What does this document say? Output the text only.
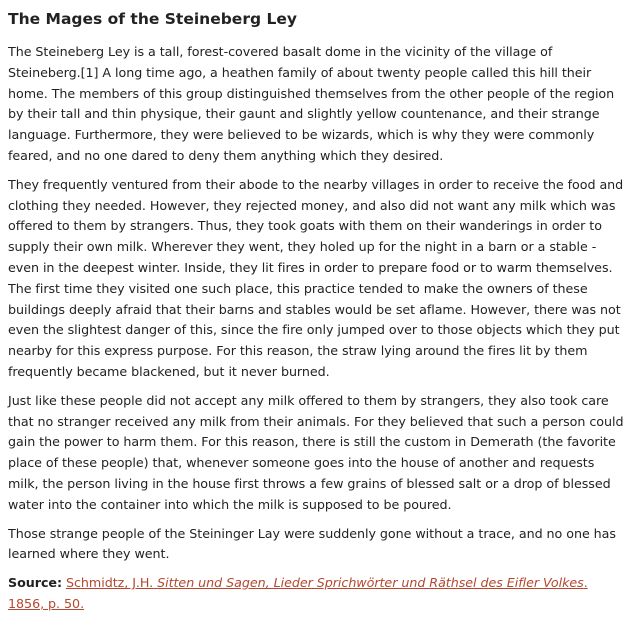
The Mages of the Steineberg Ley

The Steineberg Ley is a tall, forest-covered basalt dome in the vicinity of the village of Steineberg.[1] A long time ago, a heathen family of about twenty people called this hill their home. The members of this group distinguished themselves from the other people of the region by their tall and thin physique, their gaunt and slightly yellow countenance, and their strange language. Furthermore, they were believed to be wizards, which is why they were commonly feared, and no one dared to deny them anything which they desired.

They frequently ventured from their abode to the nearby villages in order to receive the food and clothing they needed. However, they rejected money, and also did not want any milk which was offered to them by strangers. Thus, they took goats with them on their wanderings in order to supply their own milk. Wherever they went, they holed up for the night in a barn or a stable - even in the deepest winter. Inside, they lit fires in order to prepare food or to warm themselves. The first time they visited one such place, this practice tended to make the owners of these buildings deeply afraid that their barns and stables would be set aflame. However, there was not even the slightest danger of this, since the fire only jumped over to those objects which they put nearby for this express purpose. For this reason, the straw lying around the fires lit by them frequently became blackened, but it never burned.

Just like these people did not accept any milk offered to them by strangers, they also took care that no stranger received any milk from their animals. For they believed that such a person could gain the power to harm them. For this reason, there is still the custom in Demerath (the favorite place of these people) that, whenever someone goes into the house of another and requests milk, the person living in the house first throws a few grains of blessed salt or a drop of blessed water into the container into which the milk is supposed to be poured.

Those strange people of the Steininger Lay were suddenly gone without a trace, and no one has learned where they went.

Source: Schmidtz, J.H. Sitten und Sagen, Lieder Sprichwörter und Räthsel des Eifler Volkes. 1856, p. 50.
